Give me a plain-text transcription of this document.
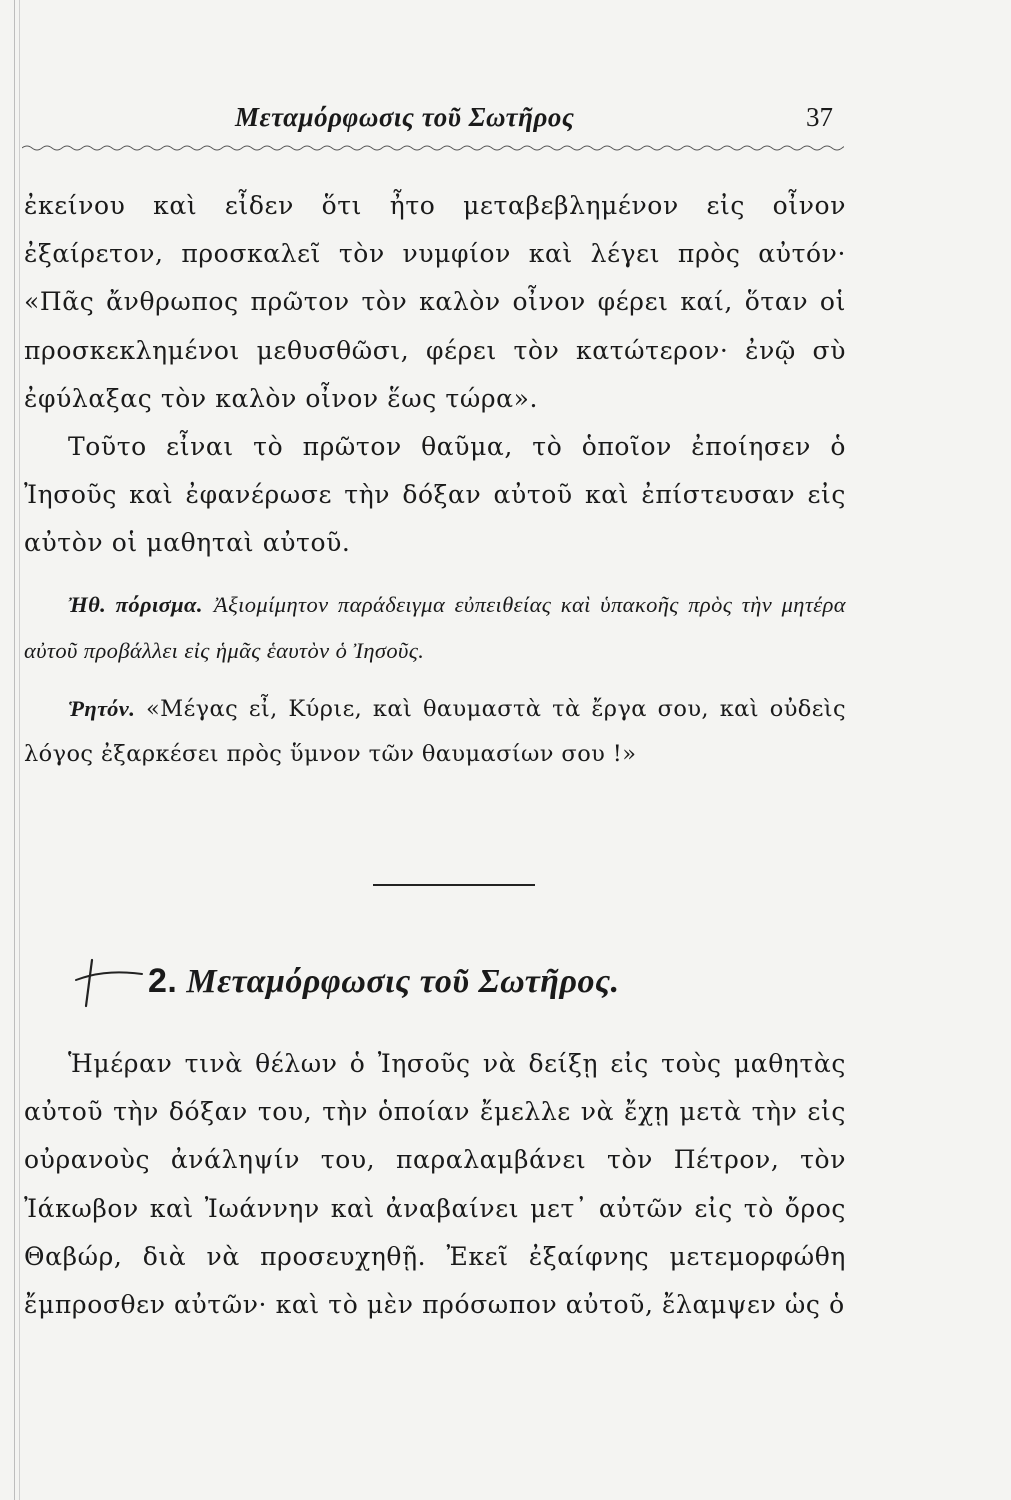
Μεταμόρφωσις τοῦ Σωτῆρος	37

ἐκείνου καὶ εἶδεν ὅτι ἦτο μεταβεβλημένον εἰς οἶνον ἐξαίρετον, προσκαλεῖ τὸν νυμφίον καὶ λέγει πρὸς αὐτόν· «Πᾶς ἄνθρωπος πρῶτον τὸν καλὸν οἶνον φέρει καί, ὅταν οἱ προσκεκλημένοι μεθυσθῶσι, φέρει τὸν κατώτερον· ἐνῷ σὺ ἐφύλαξας τὸν καλὸν οἶνον ἕως τώρα».

Τοῦτο εἶναι τὸ πρῶτον θαῦμα, τὸ ὁποῖον ἐποίησεν ὁ Ἰησοῦς καὶ ἐφανέρωσε τὴν δόξαν αὐτοῦ καὶ ἐπίστευσαν εἰς αὐτὸν οἱ μαθηταὶ αὐτοῦ.

Ἠθ. πόρισμα. Ἀξιομίμητον παράδειγμα εὐπειθείας καὶ ὑπακοῆς πρὸς τὴν μητέρα αὐτοῦ προβάλλει εἰς ἡμᾶς ἑαυτὸν ὁ Ἰησοῦς.

Ῥητόν. «Μέγας εἶ, Κύριε, καὶ θαυμαστὰ τὰ ἔργα σου, καὶ οὐδεὶς λόγος ἐξαρκέσει πρὸς ὕμνον τῶν θαυμασίων σου !»

2. Μεταμόρφωσις τοῦ Σωτῆρος.

Ἡμέραν τινὰ θέλων ὁ Ἰησοῦς νὰ δείξῃ εἰς τοὺς μαθητὰς αὐτοῦ τὴν δόξαν του, τὴν ὁποίαν ἔμελλε νὰ ἔχῃ μετὰ τὴν εἰς οὐρανοὺς ἀνάληψίν του, παραλαμβάνει τὸν Πέτρον, τὸν Ἰάκωβον καὶ Ἰωάννην καὶ ἀναβαίνει μετ᾿ αὐτῶν εἰς τὸ ὄρος Θαβώρ, διὰ νὰ προσευχηθῇ. Ἐκεῖ ἐξαίφνης μετεμορφώθη ἔμπροσθεν αὐτῶν· καὶ τὸ μὲν πρόσωπον αὐτοῦ, ἔλαμψεν ὡς ὁ
